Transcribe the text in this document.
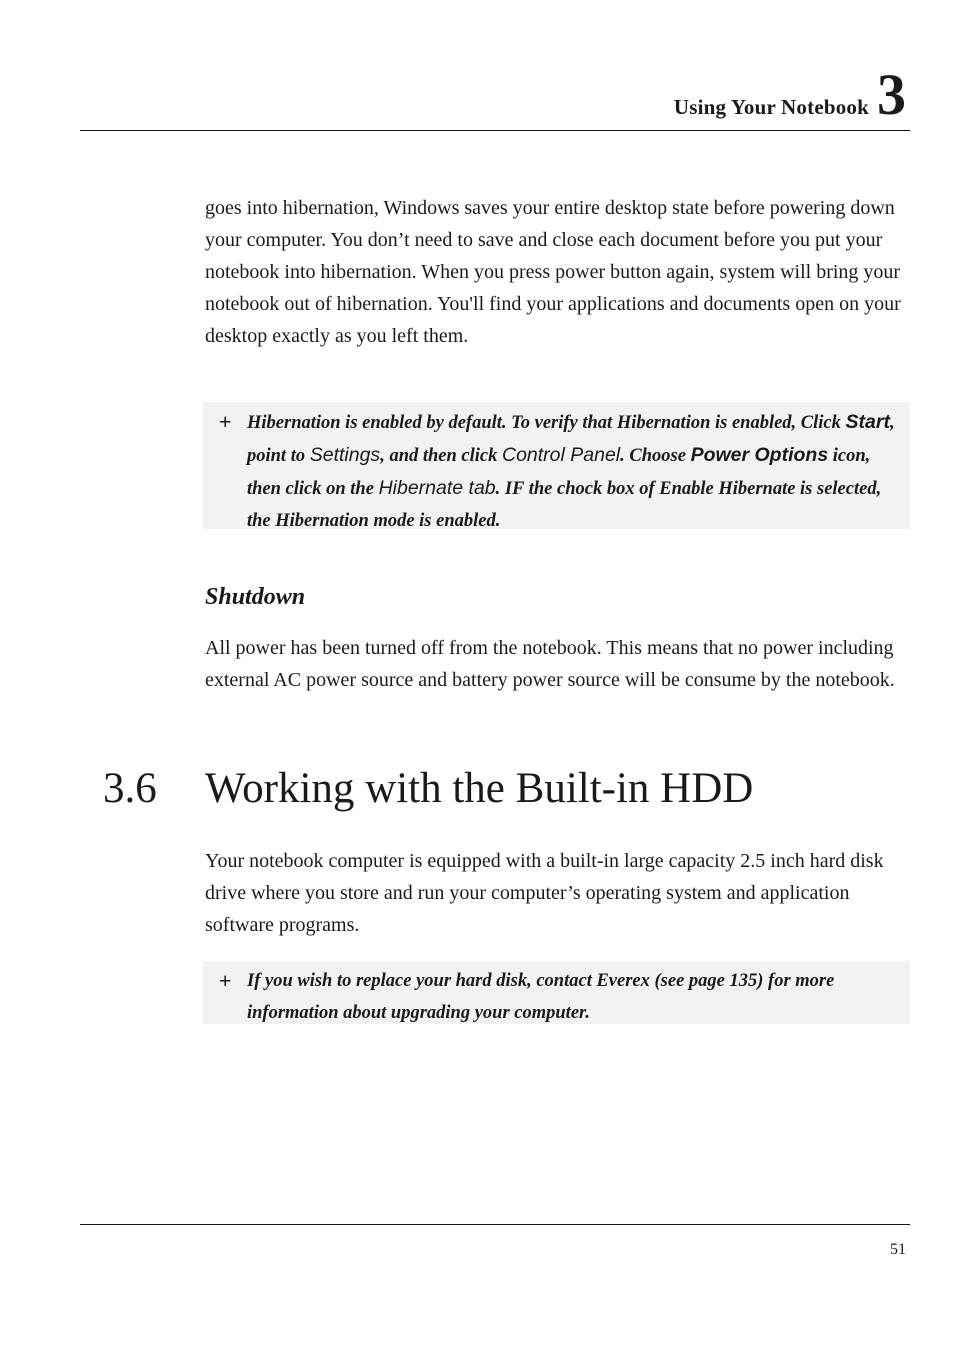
Using Your Notebook 3

goes into hibernation, Windows saves your entire desktop state before powering down your computer. You don’t need to save and close each document before you put your notebook into hibernation. When you press power button again, system will bring your notebook out of hibernation. You'll find your applications and documents open on your desktop exactly as you left them.

+ Hibernation is enabled by default. To verify that Hibernation is enabled, Click Start, point to Settings, and then click Control Panel. Choose Power Options icon, then click on the Hibernate tab. IF the chock box of Enable Hibernate is selected, the Hibernation mode is enabled.
Shutdown

All power has been turned off from the notebook. This means that no power including external AC power source and battery power source will be consume by the notebook.

3.6	Working with the Built-in HDD

Your notebook computer is equipped with a built-in large capacity 2.5 inch hard disk drive where you store and run your computer’s operating system and application software programs.

+ If you wish to replace your hard disk, contact Everex (see page 135) for more information about upgrading your computer.
51
